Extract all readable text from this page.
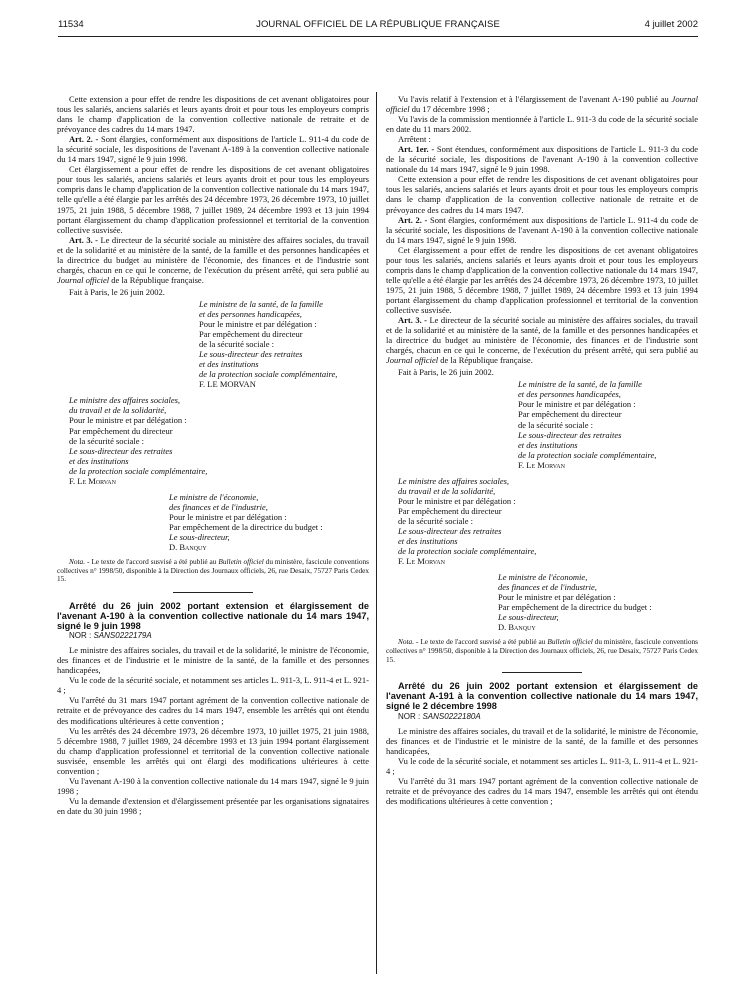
11534	JOURNAL OFFICIEL DE LA RÉPUBLIQUE FRANÇAISE	4 juillet 2002

Cette extension a pour effet de rendre les dispositions de cet avenant obligatoires pour tous les salariés, anciens salariés et leurs ayants droit et pour tous les employeurs compris dans le champ d'application de la convention collective nationale de retraite et de prévoyance des cadres du 14 mars 1947.

Art. 2. - Sont élargies, conformément aux dispositions de l'article L. 911-4 du code de la sécurité sociale, les dispositions de l'avenant A-189 à la convention collective nationale du 14 mars 1947, signé le 9 juin 1998.

Cet élargissement a pour effet de rendre les dispositions de cet avenant obligatoires pour tous les salariés, anciens salariés et leurs ayants droit et pour tous les employeurs compris dans le champ d'application de la convention collective nationale du 14 mars 1947, telle qu'elle a été élargie par les arrêtés des 24 décembre 1973, 26 décembre 1973, 10 juillet 1975, 21 juin 1988, 5 décembre 1988, 7 juillet 1989, 24 décembre 1993 et 13 juin 1994 portant élargissement du champ d'application professionnel et territorial de la convention collective susvisée.

Art. 3. - Le directeur de la sécurité sociale au ministère des affaires sociales, du travail et de la solidarité et au ministère de la santé, de la famille et des personnes handicapées et la directrice du budget au ministère de l'économie, des finances et de l'industrie sont chargés, chacun en ce qui le concerne, de l'exécution du présent arrêté, qui sera publié au Journal officiel de la République française.

Fait à Paris, le 26 juin 2002.

Le ministre de la santé, de la famille

et des personnes handicapées,

Pour le ministre et par délégation :

Par empêchement du directeur

de la sécurité sociale :

Le sous-directeur des retraites

et des institutions

de la protection sociale complémentaire,

F. LE MORVAN

Le ministre des affaires sociales,

du travail et de la solidarité,

Pour le ministre et par délégation :

Par empêchement du directeur

de la sécurité sociale :

Le sous-directeur des retraites

et des institutions

de la protection sociale complémentaire,

F. Le Morvan

Le ministre de l'économie,

des finances et de l'industrie,

Pour le ministre et par délégation :

Par empêchement de la directrice du budget :

Le sous-directeur,

D. Banquy

Nota. - Le texte de l'accord susvisé a été publié au Bulletin officiel du ministère, fascicule conventions collectives n° 1998/50, disponible à la Direction des Journaux officiels, 26, rue Desaix, 75727 Paris Cedex 15.

Arrêté du 26 juin 2002 portant extension et élargissement de l'avenant A-190 à la convention collective nationale du 14 mars 1947, signé le 9 juin 1998

NOR : SANS0222179A

Le ministre des affaires sociales, du travail et de la solidarité, le ministre de l'économie, des finances et de l'industrie et le ministre de la santé, de la famille et des personnes handicapées,

Vu le code de la sécurité sociale, et notamment ses articles L. 911-3, L. 911-4 et L. 921-4 ;

Vu l'arrêté du 31 mars 1947 portant agrément de la convention collective nationale de retraite et de prévoyance des cadres du 14 mars 1947, ensemble les arrêtés qui ont étendu des modifications ultérieures à cette convention ;

Vu les arrêtés des 24 décembre 1973, 26 décembre 1973, 10 juillet 1975, 21 juin 1988, 5 décembre 1988, 7 juillet 1989, 24 décembre 1993 et 13 juin 1994 portant élargissement du champ d'application professionnel et territorial de la convention collective nationale susvisée, ensemble les arrêtés qui ont élargi des modifications ultérieures à cette convention ;

Vu l'avenant A-190 à la convention collective nationale du 14 mars 1947, signé le 9 juin 1998 ;

Vu la demande d'extension et d'élargissement présentée par les organisations signataires en date du 30 juin 1998 ;

Vu l'avis relatif à l'extension et à l'élargissement de l'avenant A-190 publié au Journal officiel du 17 décembre 1998 ;

Vu l'avis de la commission mentionnée à l'article L. 911-3 du code de la sécurité sociale en date du 11 mars 2002.

Arrêtent :

Art. 1er. - Sont étendues, conformément aux dispositions de l'article L. 911-3 du code de la sécurité sociale, les dispositions de l'avenant A-190 à la convention collective nationale du 14 mars 1947, signé le 9 juin 1998.

Cette extension a pour effet de rendre les dispositions de cet avenant obligatoires pour tous les salariés, anciens salariés et leurs ayants droit et pour tous les employeurs compris dans le champ d'application de la convention collective nationale de retraite et de prévoyance des cadres du 14 mars 1947.

Art. 2. - Sont élargies, conformément aux dispositions de l'article L. 911-4 du code de la sécurité sociale, les dispositions de l'avenant A-190 à la convention collective nationale du 14 mars 1947, signé le 9 juin 1998.

Cet élargissement a pour effet de rendre les dispositions de cet avenant obligatoires pour tous les salariés, anciens salariés et leurs ayants droit et pour tous les employeurs compris dans le champ d'application de la convention collective nationale du 14 mars 1947, telle qu'elle a été élargie par les arrêtés des 24 décembre 1973, 26 décembre 1973, 10 juillet 1975, 21 juin 1988, 5 décembre 1988, 7 juillet 1989, 24 décembre 1993 et 13 juin 1994 portant élargissement du champ d'application professionnel et territorial de la convention collective susvisée.

Art. 3. - Le directeur de la sécurité sociale au ministère des affaires sociales, du travail et de la solidarité et au ministère de la santé, de la famille et des personnes handicapées et la directrice du budget au ministère de l'économie, des finances et de l'industrie sont chargés, chacun en ce qui le concerne, de l'exécution du présent arrêté, qui sera publié au Journal officiel de la République française.

Fait à Paris, le 26 juin 2002.

Le ministre de la santé, de la famille

et des personnes handicapées,

Pour le ministre et par délégation :

Par empêchement du directeur

de la sécurité sociale :

Le sous-directeur des retraites

et des institutions

de la protection sociale complémentaire,

F. Le Morvan

Le ministre des affaires sociales,

du travail et de la solidarité,

Pour le ministre et par délégation :

Par empêchement du directeur

de la sécurité sociale :

Le sous-directeur des retraites

et des institutions

de la protection sociale complémentaire,

F. Le Morvan

Le ministre de l'économie,

des finances et de l'industrie,

Pour le ministre et par délégation :

Par empêchement de la directrice du budget :

Le sous-directeur,

D. Banquy

Nota. - Le texte de l'accord susvisé a été publié au Bulletin officiel du ministère, fascicule conventions collectives n° 1998/50, disponible à la Direction des Journaux officiels, 26, rue Desaix, 75727 Paris Cedex 15.

Arrêté du 26 juin 2002 portant extension et élargissement de l'avenant A-191 à la convention collective nationale du 14 mars 1947, signé le 2 décembre 1998

NOR : SANS0222180A

Le ministre des affaires sociales, du travail et de la solidarité, le ministre de l'économie, des finances et de l'industrie et le ministre de la santé, de la famille et des personnes handicapées,

Vu le code de la sécurité sociale, et notamment ses articles L. 911-3, L. 911-4 et L. 921-4 ;

Vu l'arrêté du 31 mars 1947 portant agrément de la convention collective nationale de retraite et de prévoyance des cadres du 14 mars 1947, ensemble les arrêtés qui ont étendu des modifications ultérieures à cette convention ;
